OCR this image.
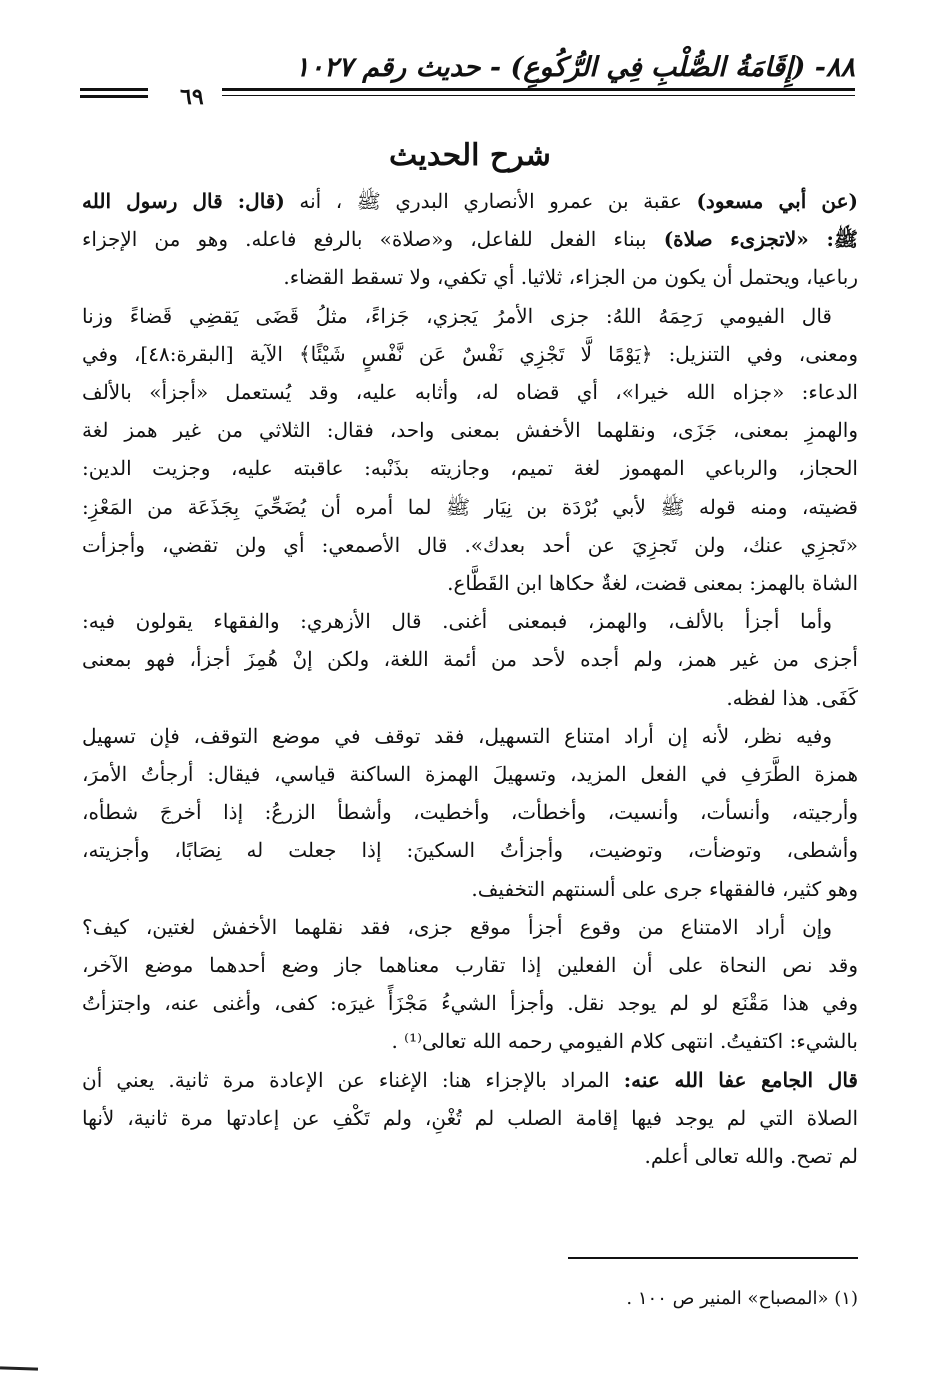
٨٨- (إِقَامَةُ الصُّلْبِ فِي الرُّكُوعِ) - حديث رقم ١٠٢٧
٦٩
شرح الحديث
(عن أبي مسعود) عقبة بن عمرو الأنصاري البدري ﷺ ، أنه (قال: قال رسول الله
ﷺ: «لاتجزىء صلاة) ببناء الفعل للفاعل، و«صلاة» بالرفع فاعله. وهو من الإجزاء
رباعيا، ويحتمل أن يكون من الجزاء، ثلاثيا. أي تكفي، ولا تسقط القضاء.
قال الفيومي رَحِمَهُ اللهُ: جزى الأمرُ يَجزي، جَزاءً، مثلُ قَضَى يَقضِي قَضاءً وزنا
ومعنى، وفي التنزيل: ﴿يَوْمًا لَّا تَجْزِي نَفْسٌ عَن نَّفْسٍ شَيْئًا﴾ الآية [البقرة:٤٨]، وفي
الدعاء: «جزاه الله خيرا»، أي قضاه له، وأثابه عليه، وقد يُستعمل «أجزأ» بالألف
والهمزِ بمعنى، جَزَى، ونقلهما الأخفش بمعنى واحد، فقال: الثلاثي من غير همز لغة
الحجاز، والرباعي المهموز لغة تميم، وجازيته بذَنْبه: عاقبته عليه، وجزيت الدين:
قضيته، ومنه قوله ﷺ لأبي بُرْدَة بن نِيَار ﷺ لما أمره أن يُضَحِّيَ بِجَذَعَة من المَعْزِ:
«تَجزِي عنك، ولن تَجزِيَ عن أحد بعدك». قال الأصمعي: أي ولن تقضي، وأجزأت
الشاة بالهمز: بمعنى قضت، لغةٌ حكاها ابن القَطَّاع.
وأما أجزأ بالألف، والهمز، فبمعنى أغنى. قال الأزهري: والفقهاء يقولون فيه:
أجزى من غير همز، ولم أجده لأحد من أئمة اللغة، ولكن إنْ هُمِزَ أجزأ، فهو بمعنى
كَفَى. هذا لفظه.
وفيه نظر، لأنه إن أراد امتناع التسهيل، فقد توقف في موضع التوقف، فإن تسهيل
همزة الطَّرَفِ في الفعل المزيد، وتسهيلَ الهمزة الساكنة قياسي، فيقال: أرجأتُ الأمرَ،
وأرجيته، وأنسأت، وأنسيت، وأخطأت، وأخطيت، وأشطأ الزرعُ: إذا أخرجَ شطأه،
وأشطى، وتوضأت، وتوضيت، وأجزأتُ السكينَ: إذا جعلت له نِصَابًا، وأجزيته،
وهو كثير، فالفقهاء جرى على ألسنتهم التخفيف.
وإن أراد الامتناع من وقوع أجزأ موقع جزى، فقد نقلهما الأخفش لغتين، كيف؟
وقد نص النحاة على أن الفعلين إذا تقارب معناهما جاز وضع أحدهما موضع الآخر،
وفي هذا مَقْنَع لو لم يوجد نقل. وأجزأ الشيءُ مَجْزَأً غيرَه: كفى، وأغنى عنه، واجتزأتُ
بالشيء: اكتفيتُ. انتهى كلام الفيومي رحمه الله تعالى⁽¹⁾ .
قال الجامع عفا الله عنه: المراد بالإجزاء هنا: الإغناء عن الإعادة مرة ثانية. يعني أن
الصلاة التي لم يوجد فيها إقامة الصلب لم تُغْنِ، ولم تَكْفِ عن إعادتها مرة ثانية، لأنها
لم تصح. والله تعالى أعلم.
(١) «المصباح» المنير ص ١٠٠ .
